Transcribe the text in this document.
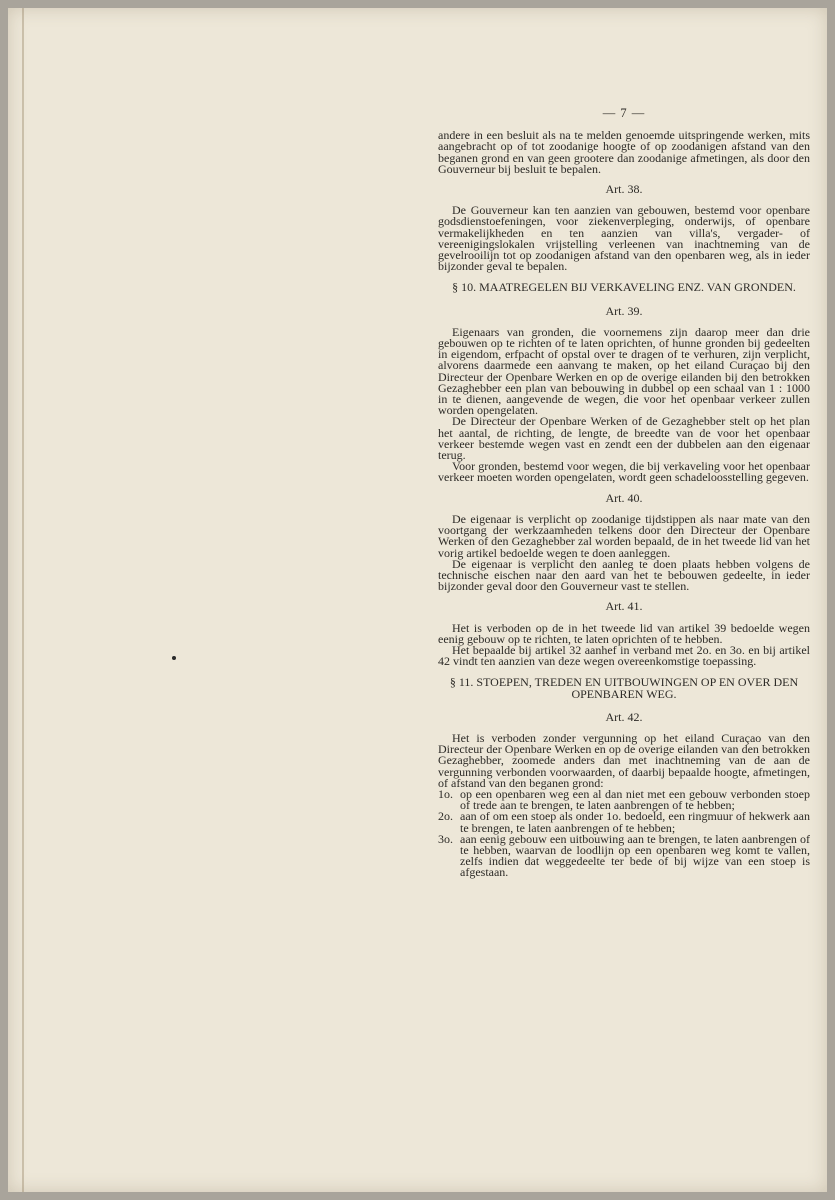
— 7 —

andere in een besluit als na te melden genoemde uitspringende werken, mits aangebracht op of tot zoodanige hoogte of op zoodanigen afstand van den beganen grond en van geen grootere dan zoodanige afmetingen, als door den Gouverneur bij besluit te bepalen.

Art. 38.

De Gouverneur kan ten aanzien van gebouwen, bestemd voor openbare godsdienstoefeningen, voor ziekenverpleging, onderwijs, of openbare vermakelijkheden en ten aanzien van villa's, vergader- of vereenigingslokalen vrijstelling verleenen van inachtneming van de gevelrooilijn tot op zoodanigen afstand van den openbaren weg, als in ieder bijzonder geval te bepalen.

§ 10. MAATREGELEN BIJ VERKAVELING ENZ. VAN GRONDEN.

Art. 39.

Eigenaars van gronden, die voornemens zijn daarop meer dan drie gebouwen op te richten of te laten oprichten, of hunne gronden bij gedeelten in eigendom, erfpacht of opstal over te dragen of te verhuren, zijn verplicht, alvorens daarmede een aanvang te maken, op het eiland Curaçao bij den Directeur der Openbare Werken en op de overige eilanden bij den betrokken Gezaghebber een plan van bebouwing in dubbel op een schaal van 1 : 1000 in te dienen, aangevende de wegen, die voor het openbaar verkeer zullen worden opengelaten.

De Directeur der Openbare Werken of de Gezaghebber stelt op het plan het aantal, de richting, de lengte, de breedte van de voor het openbaar verkeer bestemde wegen vast en zendt een der dubbelen aan den eigenaar terug.

Voor gronden, bestemd voor wegen, die bij verkaveling voor het openbaar verkeer moeten worden opengelaten, wordt geen schadeloosstelling gegeven.

Art. 40.

De eigenaar is verplicht op zoodanige tijdstippen als naar mate van den voortgang der werkzaamheden telkens door den Directeur der Openbare Werken of den Gezaghebber zal worden bepaald, de in het tweede lid van het vorig artikel bedoelde wegen te doen aanleggen.

De eigenaar is verplicht den aanleg te doen plaats hebben volgens de technische eischen naar den aard van het te bebouwen gedeelte, in ieder bijzonder geval door den Gouverneur vast te stellen.

Art. 41.

Het is verboden op de in het tweede lid van artikel 39 bedoelde wegen eenig gebouw op te richten, te laten oprichten of te hebben.

Het bepaalde bij artikel 32 aanhef in verband met 2o. en 3o. en bij artikel 42 vindt ten aanzien van deze wegen overeenkomstige toepassing.

§ 11. STOEPEN, TREDEN EN UITBOUWINGEN OP EN OVER DEN OPENBAREN WEG.

Art. 42.

Het is verboden zonder vergunning op het eiland Curaçao van den Directeur der Openbare Werken en op de overige eilanden van den betrokken Gezaghebber, zoomede anders dan met inachtneming van de aan de vergunning verbonden voorwaarden, of daarbij bepaalde hoogte, afmetingen, of afstand van den beganen grond:

1o. op een openbaren weg een al dan niet met een gebouw verbonden stoep of trede aan te brengen, te laten aanbrengen of te hebben;
2o. aan of om een stoep als onder 1o. bedoeld, een ringmuur of hekwerk aan te brengen, te laten aanbrengen of te hebben;
3o. aan eenig gebouw een uitbouwing aan te brengen, te laten aanbrengen of te hebben, waarvan de loodlijn op een openbaren weg komt te vallen, zelfs indien dat weggedeelte ter bede of bij wijze van een stoep is afgestaan.
